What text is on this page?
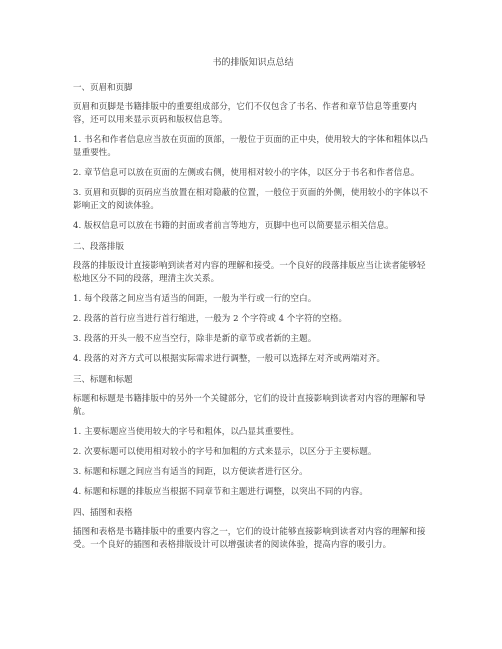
书的排版知识点总结
一、页眉和页脚
页眉和页脚是书籍排版中的重要组成部分，它们不仅包含了书名、作者和章节信息等重要内容，还可以用来显示页码和版权信息等。
1. 书名和作者信息应当放在页面的顶部，一般位于页面的正中央，使用较大的字体和粗体以凸显重要性。
2. 章节信息可以放在页面的左侧或右侧，使用相对较小的字体，以区分于书名和作者信息。
3. 页眉和页脚的页码应当放置在相对隐蔽的位置，一般位于页面的外侧，使用较小的字体以不影响正文的阅读体验。
4. 版权信息可以放在书籍的封面或者前言等地方，页脚中也可以简要显示相关信息。
二、段落排版
段落的排版设计直接影响到读者对内容的理解和接受。一个良好的段落排版应当让读者能够轻松地区分不同的段落，理清主次关系。
1. 每个段落之间应当有适当的间距，一般为半行或一行的空白。
2. 段落的首行应当进行首行缩进，一般为 2 个字符或 4 个字符的空格。
3. 段落的开头一般不应当空行，除非是新的章节或者新的主题。
4. 段落的对齐方式可以根据实际需求进行调整，一般可以选择左对齐或两端对齐。
三、标题和标题
标题和标题是书籍排版中的另外一个关键部分，它们的设计直接影响到读者对内容的理解和导航。
1. 主要标题应当使用较大的字号和粗体，以凸显其重要性。
2. 次要标题可以使用相对较小的字号和加粗的方式来显示，以区分于主要标题。
3. 标题和标题之间应当有适当的间距，以方便读者进行区分。
4. 标题和标题的排版应当根据不同章节和主题进行调整，以突出不同的内容。
四、插图和表格
插图和表格是书籍排版中的重要内容之一，它们的设计能够直接影响到读者对内容的理解和接受。一个良好的插图和表格排版设计可以增强读者的阅读体验，提高内容的吸引力。
